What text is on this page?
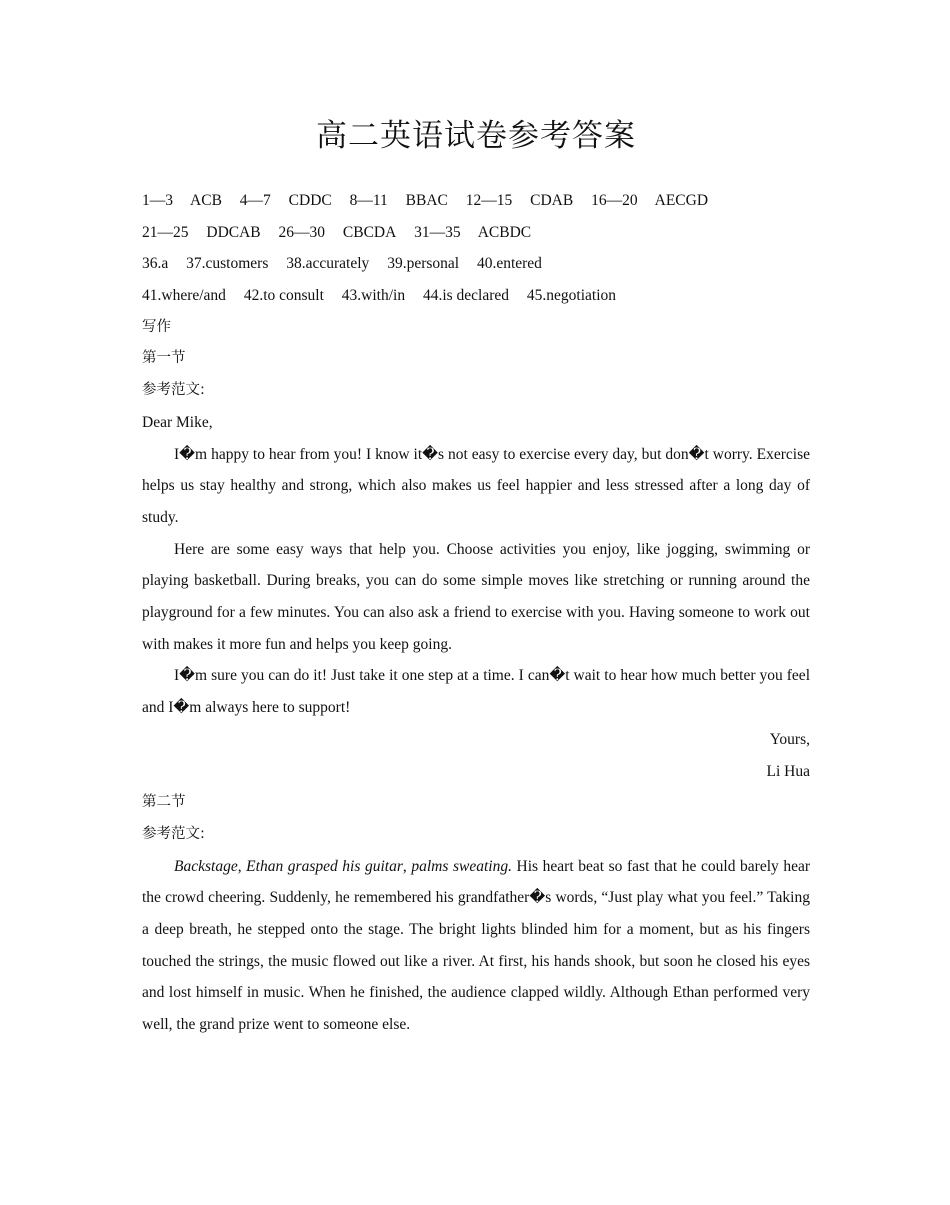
高二英语试卷参考答案
1—3 ACB 4—7 CDDC 8—11 BBAC 12—15 CDAB 16—20 AECGD
21—25 DDCAB 26—30 CBCDA 31—35 ACBDC
36.a 37.customers 38.accurately 39.personal 40.entered
41.where/and 42.to consult 43.with/in 44.is declared 45.negotiation
写作
第一节
参考范文:
Dear Mike,

I�m happy to hear from you! I know it�s not easy to exercise every day, but don�t worry. Exercise helps us stay healthy and strong, which also makes us feel happier and less stressed after a long day of study.

Here are some easy ways that help you. Choose activities you enjoy, like jogging, swimming or playing basketball. During breaks, you can do some simple moves like stretching or running around the playground for a few minutes. You can also ask a friend to exercise with you. Having someone to work out with makes it more fun and helps you keep going.

I�m sure you can do it! Just take it one step at a time. I can�t wait to hear how much better you feel and I�m always here to support!

Yours,
Li Hua
第二节
参考范文:

Backstage, Ethan grasped his guitar, palms sweating. His heart beat so fast that he could barely hear the crowd cheering. Suddenly, he remembered his grandfather�s words, “Just play what you feel.” Taking a deep breath, he stepped onto the stage. The bright lights blinded him for a moment, but as his fingers touched the strings, the music flowed out like a river. At first, his hands shook, but soon he closed his eyes and lost himself in music. When he finished, the audience clapped wildly. Although Ethan performed very well, the grand prize went to someone else.
